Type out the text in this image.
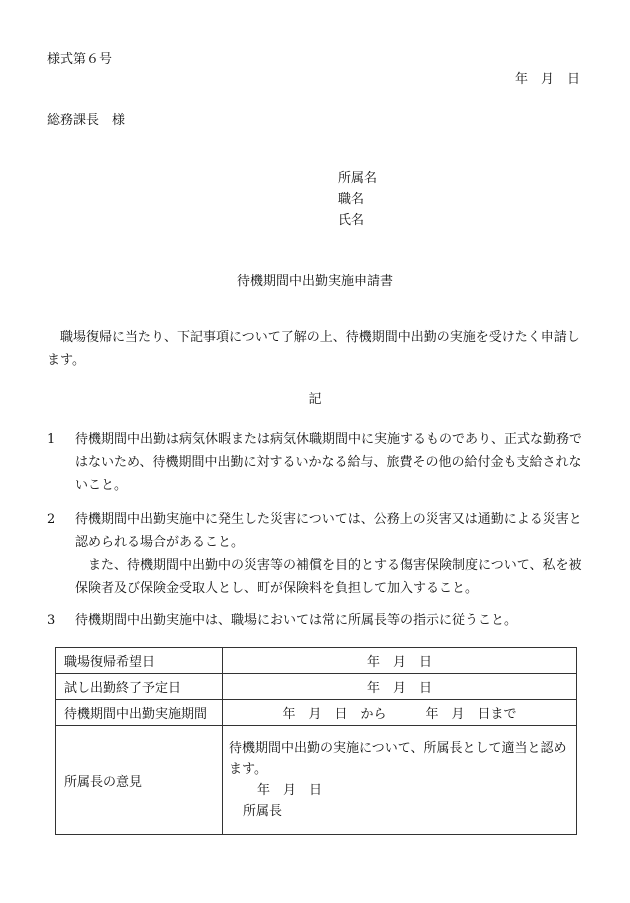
様式第６号
年　月　日
総務課長　様
所属名
職名
氏名
待機期間中出勤実施申請書
職場復帰に当たり、下記事項について了解の上、待機期間中出勤の実施を受けたく申請します。
記
1	待機期間中出勤は病気休暇または病気休職期間中に実施するものであり、正式な勤務ではないため、待機期間中出勤に対するいかなる給与、旅費その他の給付金も支給されないこと。
2	待機期間中出勤実施中に発生した災害については、公務上の災害又は通勤による災害と認められる場合があること。
また、待機期間中出勤中の災害等の補償を目的とする傷害保険制度について、私を被保険者及び保険金受取人とし、町が保険料を負担して加入すること。
3	待機期間中出勤実施中は、職場においては常に所属長等の指示に従うこと。
職場復帰希望日	年　月　日
試し出勤終了予定日	年　月　日
待機期間中出勤実施期間	年　月　日　から　　　年　月　日まで
所属長の意見	待機期間中出勤の実施について、所属長として適当と認めます。
年　月　日
所属長
